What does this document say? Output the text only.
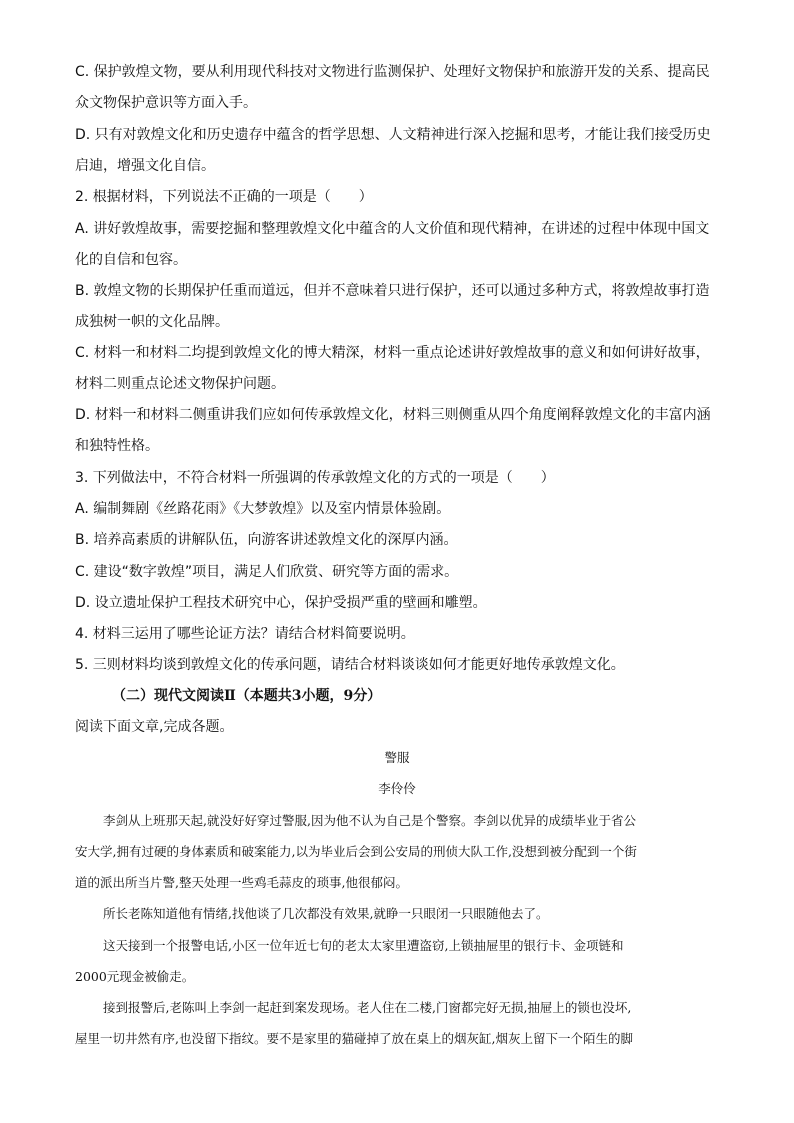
C. 保护敦煌文物，要从利用现代科技对文物进行监测保护、处理好文物保护和旅游开发的关系、提高民
众文物保护意识等方面入手。
D. 只有对敦煌文化和历史遗存中蕴含的哲学思想、人文精神进行深入挖掘和思考，才能让我们接受历史
启迪，增强文化自信。
2. 根据材料，下列说法不正确的一项是（　　）
A. 讲好敦煌故事，需要挖掘和整理敦煌文化中蕴含的人文价值和现代精神，在讲述的过程中体现中国文
化的自信和包容。
B. 敦煌文物的长期保护任重而道远，但并不意味着只进行保护，还可以通过多种方式，将敦煌故事打造
成独树一帜的文化品牌。
C. 材料一和材料二均提到敦煌文化的博大精深，材料一重点论述讲好敦煌故事的意义和如何讲好故事，
材料二则重点论述文物保护问题。
D. 材料一和材料二侧重讲我们应如何传承敦煌文化，材料三则侧重从四个角度阐释敦煌文化的丰富内涵
和独特性格。
3. 下列做法中，不符合材料一所强调的传承敦煌文化的方式的一项是（　　）
A. 编制舞剧《丝路花雨》《大梦敦煌》以及室内情景体验剧。
B. 培养高素质的讲解队伍，向游客讲述敦煌文化的深厚内涵。
C. 建设“数字敦煌”项目，满足人们欣赏、研究等方面的需求。
D. 设立遗址保护工程技术研究中心，保护受损严重的壁画和雕塑。
4. 材料三运用了哪些论证方法？请结合材料简要说明。
5. 三则材料均谈到敦煌文化的传承问题，请结合材料谈谈如何才能更好地传承敦煌文化。
（二）现代文阅读Ⅱ（本题共3小题，9分）
阅读下面文章,完成各题。
警服
李伶伶
李剑从上班那天起,就没好好穿过警服,因为他不认为自己是个警察。李剑以优异的成绩毕业于省公
安大学,拥有过硬的身体素质和破案能力,以为毕业后会到公安局的刑侦大队工作,没想到被分配到一个街
道的派出所当片警,整天处理一些鸡毛蒜皮的琐事,他很郁闷。
所长老陈知道他有情绪,找他谈了几次都没有效果,就睁一只眼闭一只眼随他去了。
这天接到一个报警电话,小区一位年近七旬的老太太家里遭盗窃,上锁抽屉里的银行卡、金项链和
2000元现金被偷走。
接到报警后,老陈叫上李剑一起赶到案发现场。老人住在二楼,门窗都完好无损,抽屉上的锁也没坏,
屋里一切井然有序,也没留下指纹。要不是家里的猫碰掉了放在桌上的烟灰缸,烟灰上留下一个陌生的脚
